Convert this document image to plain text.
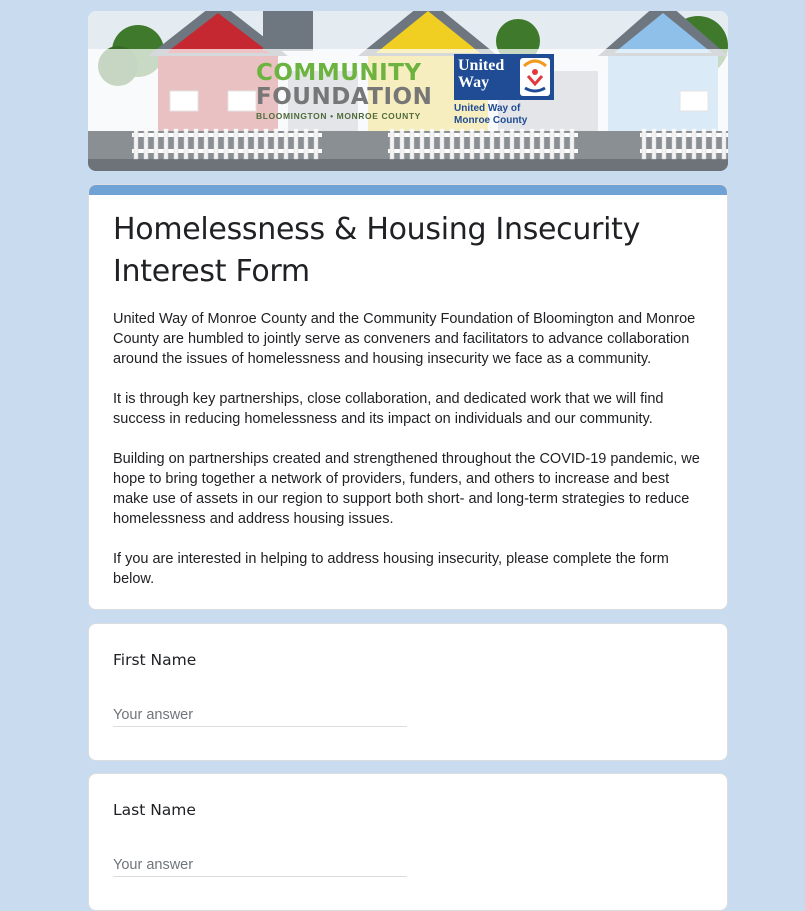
COMMUNITY
FOUNDATION
BLOOMINGTON • MONROE COUNTY
United Way
United Way of Monroe County
Homelessness & Housing Insecurity Interest Form

United Way of Monroe County and the Community Foundation of Bloomington and Monroe County are humbled to jointly serve as conveners and facilitators to advance collaboration around the issues of homelessness and housing insecurity we face as a community.

It is through key partnerships, close collaboration, and dedicated work that we will find success in reducing homelessness and its impact on individuals and our community.

Building on partnerships created and strengthened throughout the COVID-19 pandemic, we hope to bring together a network of providers, funders, and others to increase and best make use of assets in our region to support both short- and long-term strategies to reduce homelessness and address housing issues.

If you are interested in helping to address housing insecurity, please complete the form below.

First Name
Your answer
Last Name
Your answer
